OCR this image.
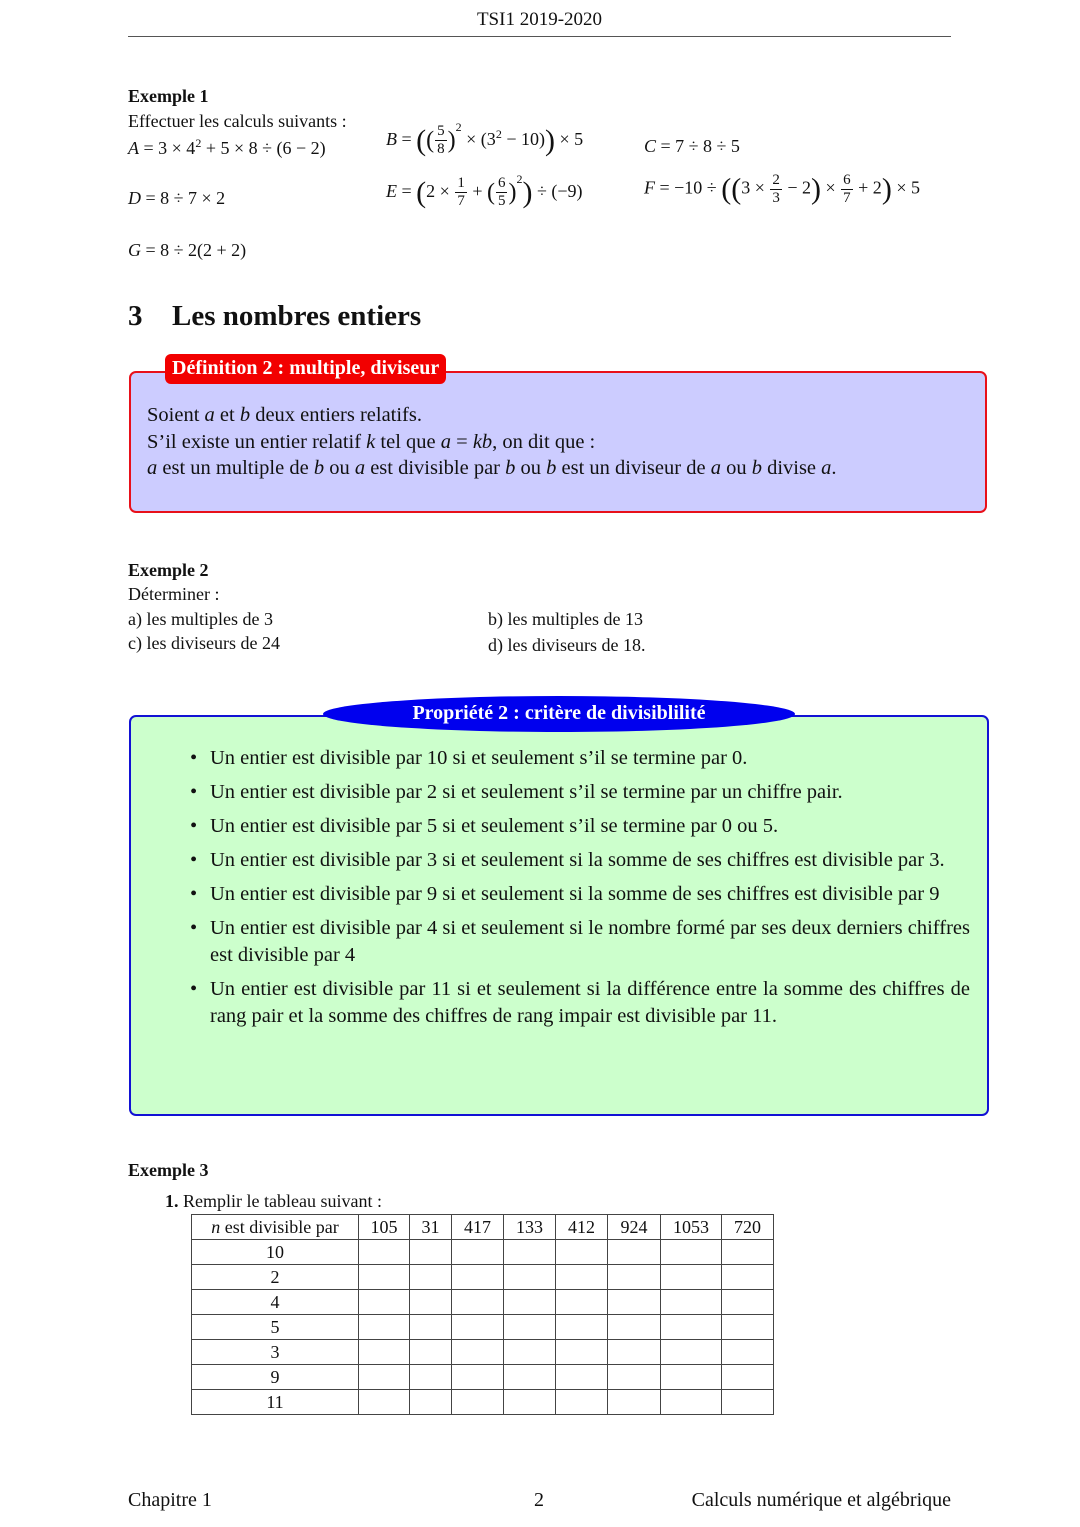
TSI1 2019-2020
Exemple 1
Effectuer les calculs suivants :
$A = 3 \times 4^2 + 5 \times 8 \div (6 - 2)$	B = (( $\frac{5}{8} )^2 \times (3^2 - 10)) \times 5$	C = 7 ÷ 8 ÷ 5
D = 8 ÷ 7 × 2	$E = (2 \times \frac{1}{7}$ + ( $\frac{6}{5} )^2) \div (-9)$	$F = -10 \div ((3 \times \frac{2}{3} - 2) \times \frac{6}{7} + 2) \times 5$
G = 8 ÷ 2(2 + 2)
3 Les nombres entiers
Définition 2 : multiple, diviseur
Soient a et b deux entiers relatifs.
S’il existe un entier relatif k tel que a = kb, on dit que :
a est un multiple de b ou a est divisible par b ou b est un diviseur de a ou b divise a.
Exemple 2
Déterminer :
a) les multiples de 3	b) les multiples de 13
c) les diviseurs de 24	d) les diviseurs de 18.
Propriété 2 : critère de divisiblilité
• Un entier est divisible par 10 si et seulement s’il se termine par 0.
• Un entier est divisible par 2 si et seulement s’il se termine par un chiffre pair.
• Un entier est divisible par 5 si et seulement s’il se termine par 0 ou 5.
• Un entier est divisible par 3 si et seulement si la somme de ses chiffres est divisible par 3.
• Un entier est divisible par 9 si et seulement si la somme de ses chiffres est divisible par 9
• Un entier est divisible par 4 si et seulement si le nombre formé par ses deux derniers chiffres est divisible par 4
• Un entier est divisible par 11 si et seulement si la différence entre la somme des chiffres de rang pair et la somme des chiffres de rang impair est divisible par 11.
Exemple 3
1. Remplir le tableau suivant :
n est divisible par	105	31	417	133	412	924	1053	720
10								
2								
4								
5								
3								
9								
11								
Chapitre 1	2	Calculs numérique et algébrique
